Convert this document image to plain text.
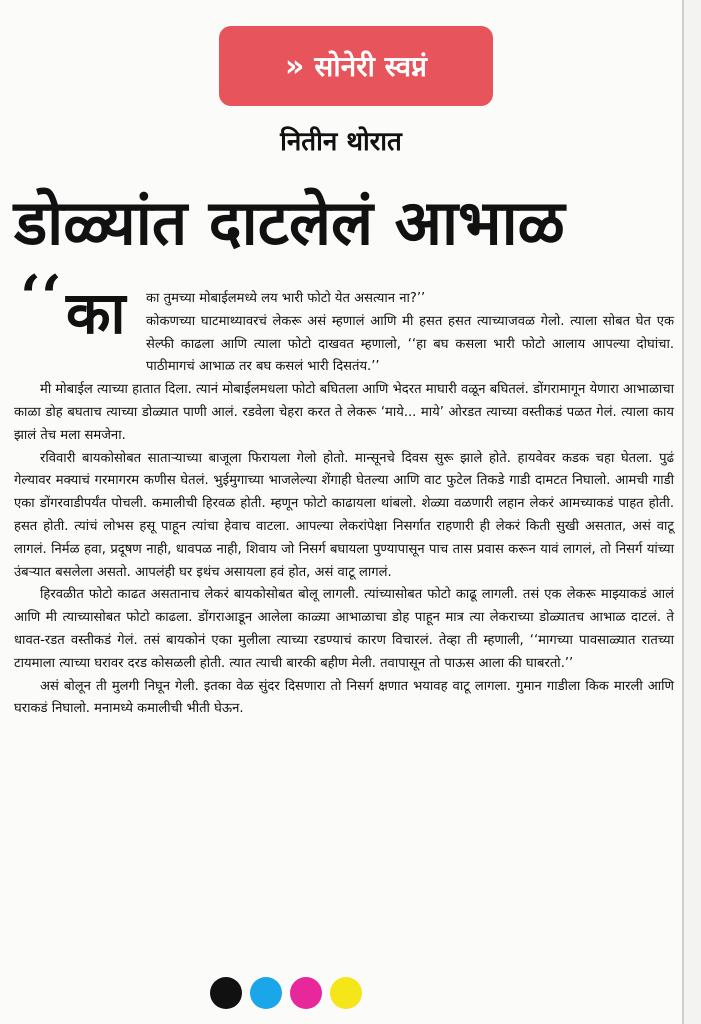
» सोनेरी स्वप्नं
नितीन थोरात
डोळ्यांत दाटलेलं आभाळ
‘‘ का का तुमच्या मोबाईलमध्ये लय भारी फोटो येत असत्यान ना?’’

कोकणच्या घाटमाथ्यावरचं लेकरू असं म्हणालं आणि मी हसत हसत त्याच्याजवळ गेलो. त्याला सोबत घेत एक सेल्फी काढला आणि त्याला फोटो दाखवत म्हणालो, ‘‘हा बघ कसला भारी फोटो आलाय आपल्या दोघांचा. पाठीमागचं आभाळ तर बघ कसलं भारी दिसतंय.’’

मी मोबाईल त्याच्या हातात दिला. त्यानं मोबाईलमधला फोटो बघितला आणि भेदरत माघारी वळून बघितलं. डोंगरामागून येणारा आभाळाचा काळा डोह बघताच त्याच्या डोळ्यात पाणी आलं. रडवेला चेहरा करत ते लेकरू ‘माये... माये’ ओरडत त्याच्या वस्तीकडं पळत गेलं. त्याला काय झालं तेच मला समजेना.

रविवारी बायकोसोबत साताऱ्याच्या बाजूला फिरायला गेलो होतो. मान्सूनचे दिवस सुरू झाले होते. हायवेवर कडक चहा घेतला. पुढं गेल्यावर मक्याचं गरमागरम कणीस घेतलं. भुईमुगाच्या भाजलेल्या शेंगाही घेतल्या आणि वाट फुटेल तिकडे गाडी दामटत निघालो. आमची गाडी एका डोंगरवाडीपर्यंत पोचली. कमालीची हिरवळ होती. म्हणून फोटो काढायला थांबलो. शेळ्या वळणारी लहान लेकरं आमच्याकडं पाहत होती. हसत होती. त्यांचं लोभस हसू पाहून त्यांचा हेवाच वाटला. आपल्या लेकरांपेक्षा निसर्गात राहणारी ही लेकरं किती सुखी असतात, असं वाटू लागलं. निर्मळ हवा, प्रदूषण नाही, धावपळ नाही, शिवाय जो निसर्ग बघायला पुण्यापासून पाच तास प्रवास करून यावं लागलं, तो निसर्ग यांच्या उंबऱ्यात बसलेला असतो. आपलंही घर इथंच असायला हवं होत, असं वाटू लागलं.

हिरवळीत फोटो काढत असतानाच लेकरं बायकोसोबत बोलू लागली. त्यांच्यासोबत फोटो काढू लागली. तसं एक लेकरू माझ्याकडं आलं आणि मी त्याच्यासोबत फोटो काढला. डोंगराआडून आलेला काळ्या आभाळाचा डोह पाहून मात्र त्या लेकराच्या डोळ्यातच आभाळ दाटलं. ते धावत-रडत वस्तीकडं गेलं. तसं बायकोनं एका मुलीला त्याच्या रडण्याचं कारण विचारलं. तेव्हा ती म्हणाली, ‘‘मागच्या पावसाळ्यात रातच्या टायमाला त्याच्या घरावर दरड कोसळली होती. त्यात त्याची बारकी बहीण मेली. तवापासून तो पाऊस आला की घाबरतो.’’

असं बोलून ती मुलगी निघून गेली. इतका वेळ सुंदर दिसणारा तो निसर्ग क्षणात भयावह वाटू लागला. गुमान गाडीला किक मारली आणि घराकडं निघालो. मनामध्ये कमालीची भीती घेऊन.
